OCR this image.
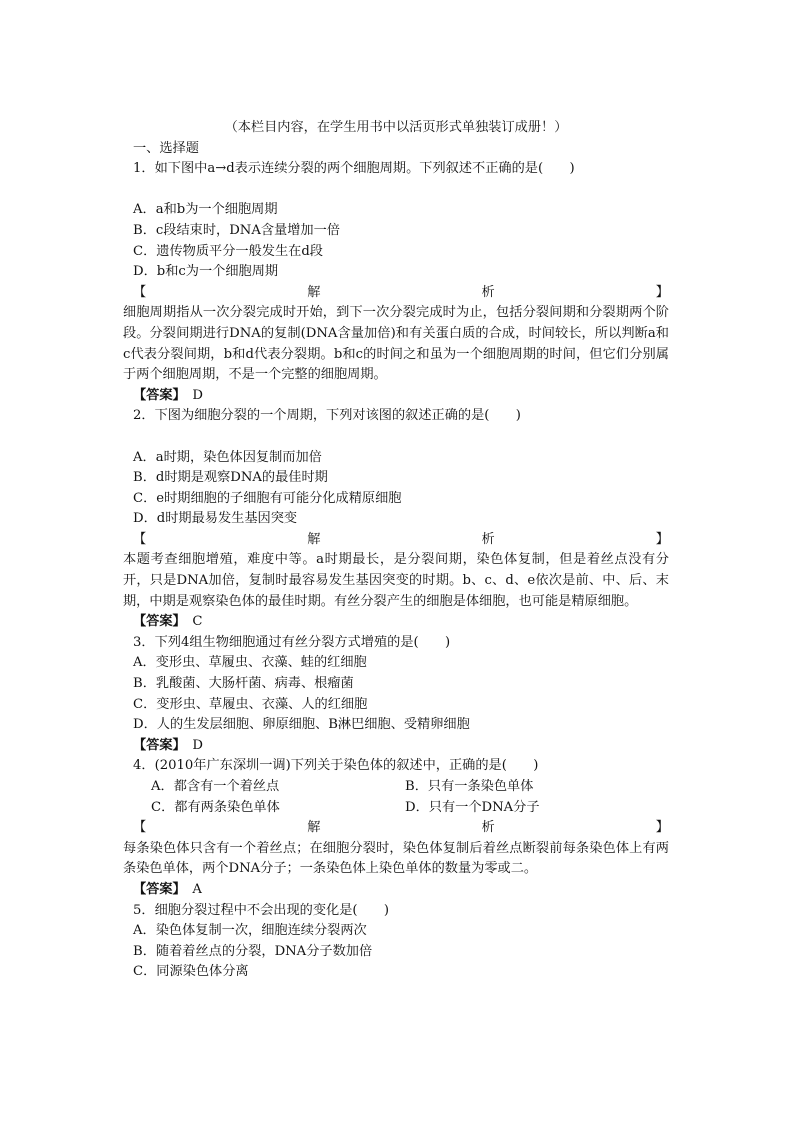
（本栏目内容，在学生用书中以活页形式单独装订成册！）
一、选择题
1．如下图中a→d表示连续分裂的两个细胞周期。下列叙述不正确的是(　　)
A．a和b为一个细胞周期
B．c段结束时，DNA含量增加一倍
C．遗传物质平分一般发生在d段
D．b和c为一个细胞周期
【	解	析	】
细胞周期指从一次分裂完成时开始，到下一次分裂完成时为止，包括分裂间期和分裂期两个阶段。分裂间期进行DNA的复制(DNA含量加倍)和有关蛋白质的合成，时间较长，所以判断a和c代表分裂间期，b和d代表分裂期。b和c的时间之和虽为一个细胞周期的时间，但它们分别属于两个细胞周期，不是一个完整的细胞周期。
【答案】　 D
2．下图为细胞分裂的一个周期，下列对该图的叙述正确的是(　　)
A．a时期，染色体因复制而加倍
B．d时期是观察DNA的最佳时期
C．e时期细胞的子细胞有可能分化成精原细胞
D．d时期最易发生基因突变
【	解	析	】
本题考查细胞增殖，难度中等。a时期最长，是分裂间期，染色体复制，但是着丝点没有分开，只是DNA加倍，复制时最容易发生基因突变的时期。b、c、d、e依次是前、中、后、末期，中期是观察染色体的最佳时期。有丝分裂产生的细胞是体细胞，也可能是精原细胞。
【答案】　 C
3．下列4组生物细胞通过有丝分裂方式增殖的是(　　)
A．变形虫、草履虫、衣藻、蛙的红细胞
B．乳酸菌、大肠杆菌、病毒、根瘤菌
C．变形虫、草履虫、衣藻、人的红细胞
D．人的生发层细胞、卵原细胞、B淋巴细胞、受精卵细胞
【答案】　 D
4．(2010年广东深圳一调)下列关于染色体的叙述中，正确的是(　　)
A．都含有一个着丝点	B．只有一条染色单体
C．都有两条染色单体	D．只有一个DNA分子
【	解	析	】
每条染色体只含有一个着丝点；在细胞分裂时，染色体复制后着丝点断裂前每条染色体上有两条染色单体，两个DNA分子；一条染色体上染色单体的数量为零或二。
【答案】　 A
5．细胞分裂过程中不会出现的变化是(　　)
A．染色体复制一次，细胞连续分裂两次
B．随着着丝点的分裂，DNA分子数加倍
C．同源染色体分离
